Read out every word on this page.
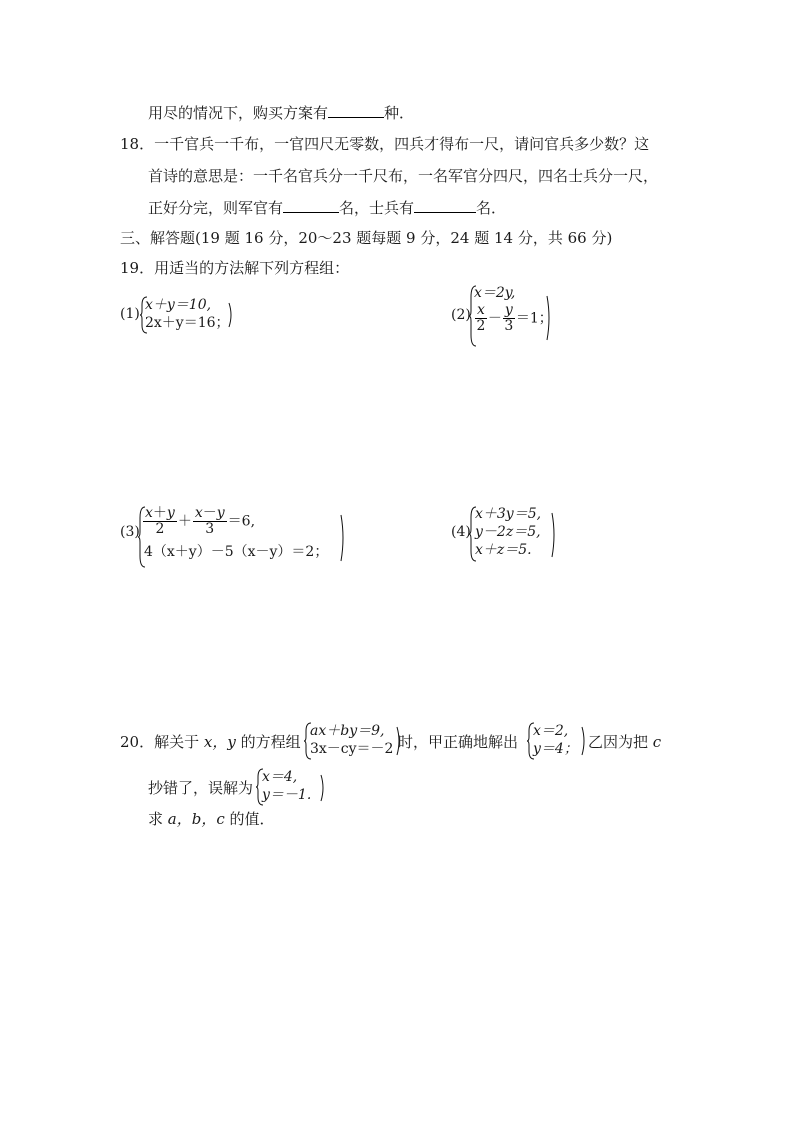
用尽的情况下，购买方案有	种．
18．一千官兵一千布，一官四尺无零数，四兵才得布一尺，请问官兵多少数？这
首诗的意思是：一千名官兵分一千尺布，一名军官分四尺，四名士兵分一尺，
正好分完，则军官有	名，士兵有	名．
三、解答题(19 题 16 分，20～23 题每题 9 分，24 题 14 分，共 66 分)
19．用适当的方法解下列方程组：
(1)
x＋y＝10,
2x＋y＝16；	(2)
x＝2y,
$\frac{x}{2} - \frac{y}{3} =1$；
$(3) \frac{x+y}{2} + \frac{x-y}{3} =6$,
4（x＋y）－5（x－y）＝2；
(4)
x＋3y＝5,
y－2z＝5,
x＋z＝5.
20．解关于 x，y 的方程组
ax＋by＝9,
3x－cy＝－2 时，甲正确地解出
x＝2,
y＝4； 乙因为把 c
抄错了，误解为
x＝4,
y＝－1.
求 a，b，c 的值．
